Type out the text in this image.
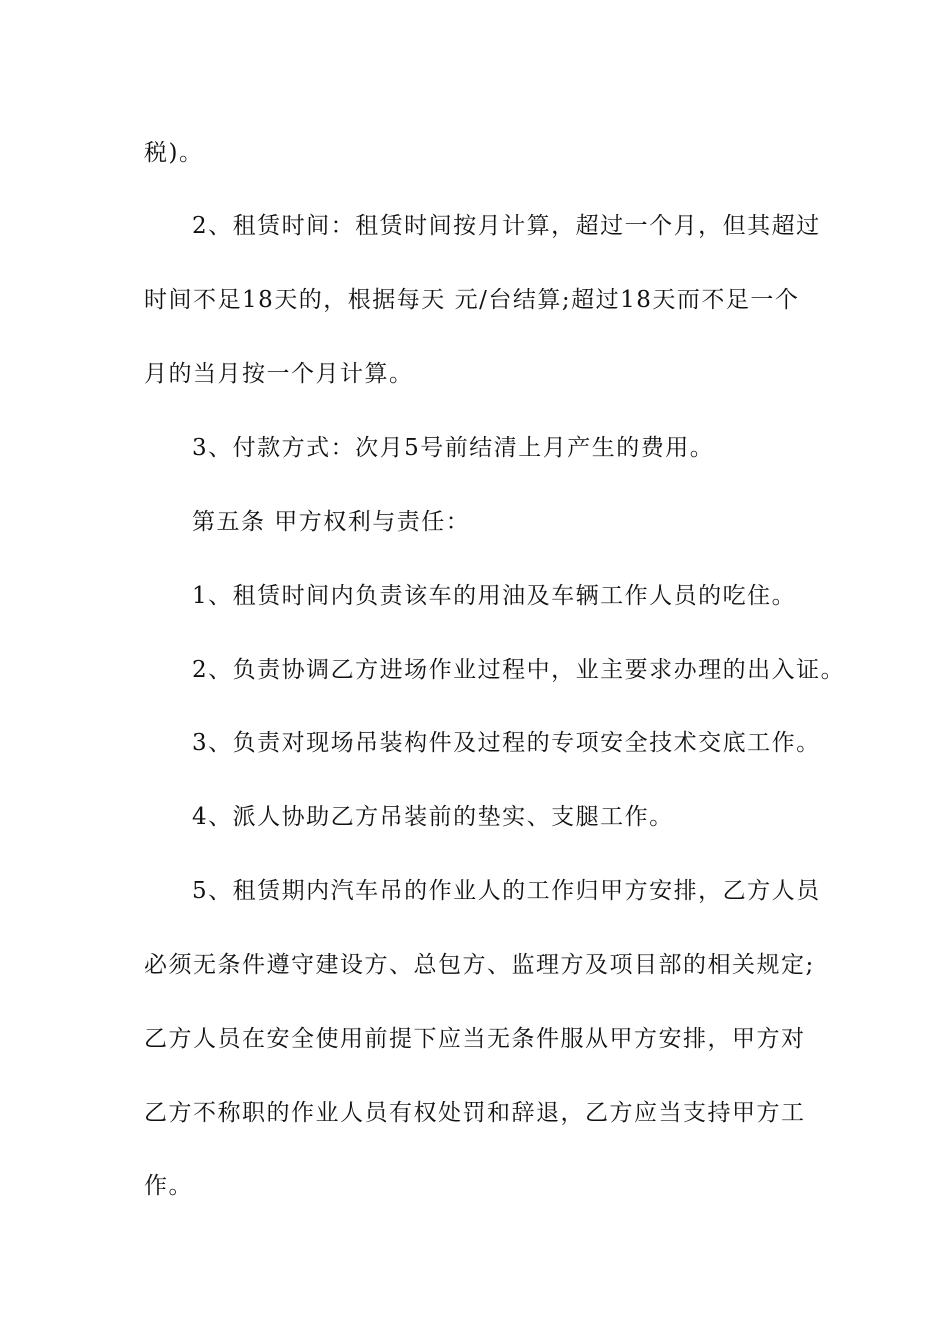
税)。
2、租赁时间：租赁时间按月计算，超过一个月，但其超过
时间不足18天的，根据每天 元/台结算;超过18天而不足一个
月的当月按一个月计算。
3、付款方式：次月5号前结清上月产生的费用。
第五条 甲方权利与责任：
1、租赁时间内负责该车的用油及车辆工作人员的吃住。
2、负责协调乙方进场作业过程中，业主要求办理的出入证。
3、负责对现场吊装构件及过程的专项安全技术交底工作。
4、派人协助乙方吊装前的垫实、支腿工作。
5、租赁期内汽车吊的作业人的工作归甲方安排，乙方人员
必须无条件遵守建设方、总包方、监理方及项目部的相关规定;
乙方人员在安全使用前提下应当无条件服从甲方安排，甲方对
乙方不称职的作业人员有权处罚和辞退，乙方应当支持甲方工
作。
